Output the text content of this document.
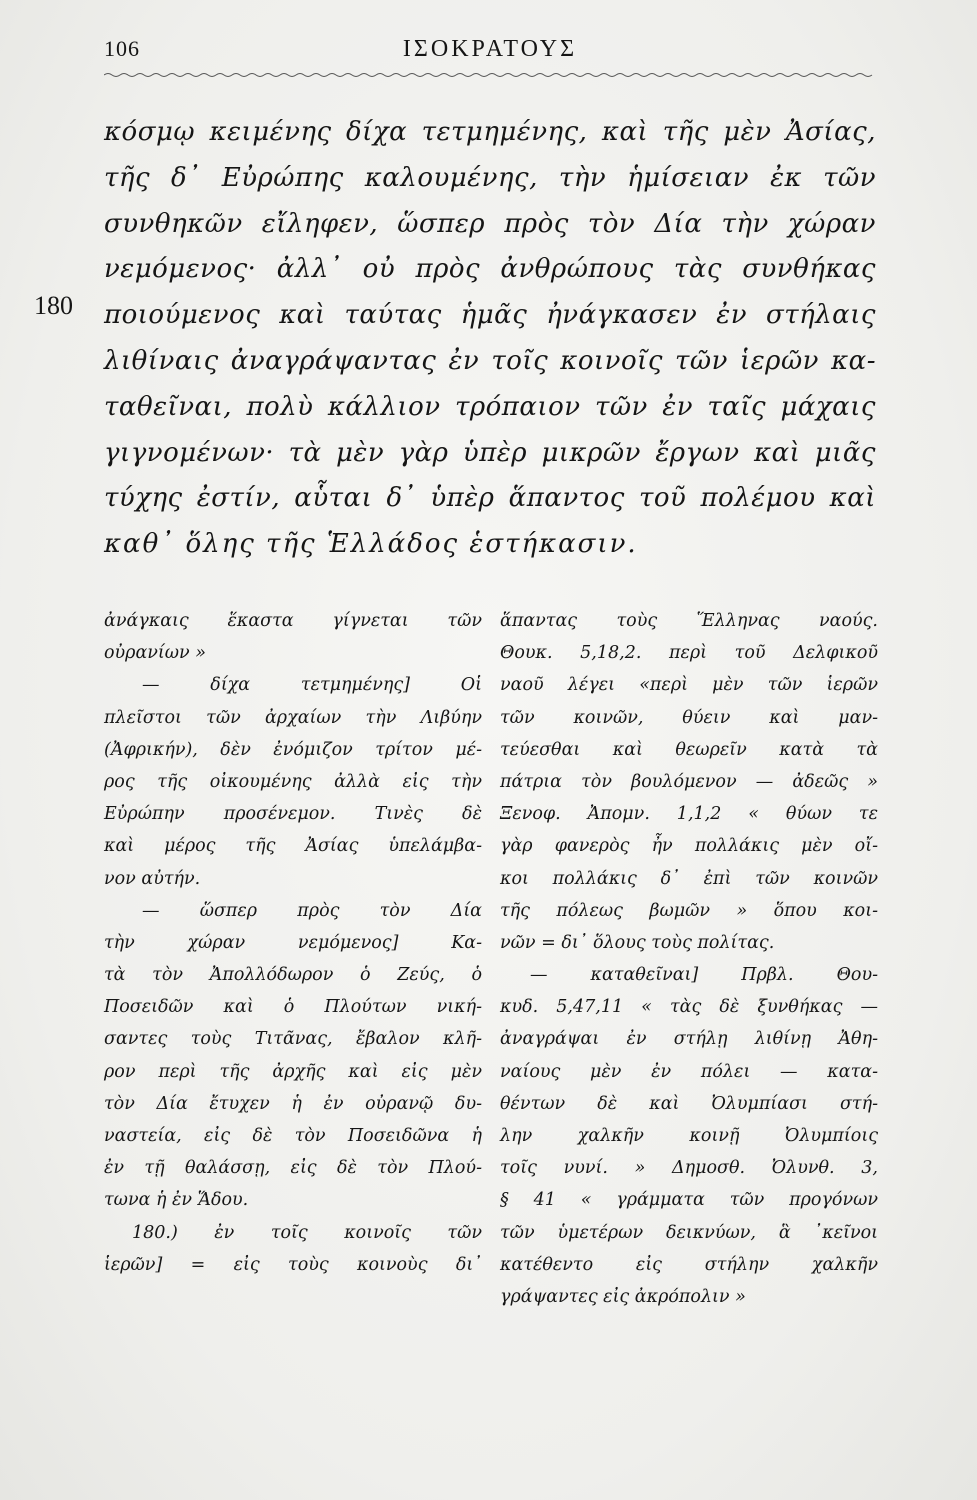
106	ΙΣΟΚΡΑΤΟΥΣ
180
κόσμῳ κειμένης δίχα τετμημένης, καὶ τῆς μὲν Ἀσίας,
τῆς δ᾽ Εὐρώπης καλουμένης, τὴν ἡμίσειαν ἐκ τῶν
συνθηκῶν εἴληφεν, ὥσπερ πρὸς τὸν Δία τὴν χώραν
νεμόμενος· ἀλλ᾽ οὐ πρὸς ἀνθρώπους τὰς συνθήκας
ποιούμενος καὶ ταύτας ἡμᾶς ἠνάγκασεν ἐν στήλαις
λιθίναις ἀναγράψαντας ἐν τοῖς κοινοῖς τῶν ἱερῶν κα-
ταθεῖναι, πολὺ κάλλιον τρόπαιον τῶν ἐν ταῖς μάχαις
γιγνομένων· τὰ μὲν γὰρ ὑπὲρ μικρῶν ἔργων καὶ μιᾶς
τύχης ἐστίν, αὗται δ᾽ ὑπὲρ ἅπαντος τοῦ πολέμου καὶ
καθ᾽ ὅλης τῆς Ἑλλάδος ἑστήκασιν.
ἀνάγκαις ἕκαστα γίγνεται τῶν
οὐρανίων »
— δίχα τετμημένης] Οἱ
πλεῖστοι τῶν ἀρχαίων τὴν Λιβύην
(Ἀφρικήν), δὲν ἐνόμιζον τρίτον μέ-
ρος τῆς οἰκουμένης ἀλλὰ εἰς τὴν
Εὐρώπην προσένεμον. Τινὲς δὲ
καὶ μέρος τῆς Ἀσίας ὑπελάμβα-
νον αὐτήν.
— ὥσπερ πρὸς τὸν Δία
τὴν χώραν νεμόμενος] Κα-
τὰ τὸν Ἀπολλόδωρον ὁ Ζεύς, ὁ
Ποσειδῶν καὶ ὁ Πλούτων νική-
σαντες τοὺς Τιτᾶνας, ἔβαλον κλῆ-
ρον περὶ τῆς ἀρχῆς καὶ εἰς μὲν
τὸν Δία ἔτυχεν ἡ ἐν οὐρανῷ δυ-
ναστεία, εἰς δὲ τὸν Ποσειδῶνα ἡ
ἐν τῇ θαλάσσῃ, εἰς δὲ τὸν Πλού-
τωνα ἡ ἐν Ἅδου.
180.) ἐν τοῖς κοινοῖς τῶν
ἱερῶν] = εἰς τοὺς κοινοὺς δι᾽
ἅπαντας τοὺς Ἕλληνας ναούς.
Θουκ. 5,18,2. περὶ τοῦ Δελφικοῦ
ναοῦ λέγει «περὶ μὲν τῶν ἱερῶν
τῶν κοινῶν, θύειν καὶ μαν-
τεύεσθαι καὶ θεωρεῖν κατὰ τὰ
πάτρια τὸν βουλόμενον — ἀδεῶς »
Ξενοφ. Ἀπομν. 1,1,2 « θύων τε
γὰρ φανερὸς ἦν πολλάκις μὲν οἴ-
κοι πολλάκις δ᾽ ἐπὶ τῶν κοινῶν
τῆς πόλεως βωμῶν » ὅπου κοι-
νῶν = δι᾽ ὅλους τοὺς πολίτας.
— καταθεῖναι] Πρβλ. Θου-
κυδ. 5,47,11 « τὰς δὲ ξυνθήκας —
ἀναγράψαι ἐν στήλῃ λιθίνῃ Ἀθη-
ναίους μὲν ἐν πόλει — κατα-
θέντων δὲ καὶ Ὀλυμπίασι στή-
λην χαλκῆν κοινῇ Ὀλυμπίοις
τοῖς νυνί. » Δημοσθ. Ὀλυνθ. 3,
§ 41 « γράμματα τῶν προγόνων
τῶν ὑμετέρων δεικνύων, ἃ ᾽κεῖνοι
κατέθεντο εἰς στήλην χαλκῆν
γράψαντες εἰς ἀκρόπολιν »
